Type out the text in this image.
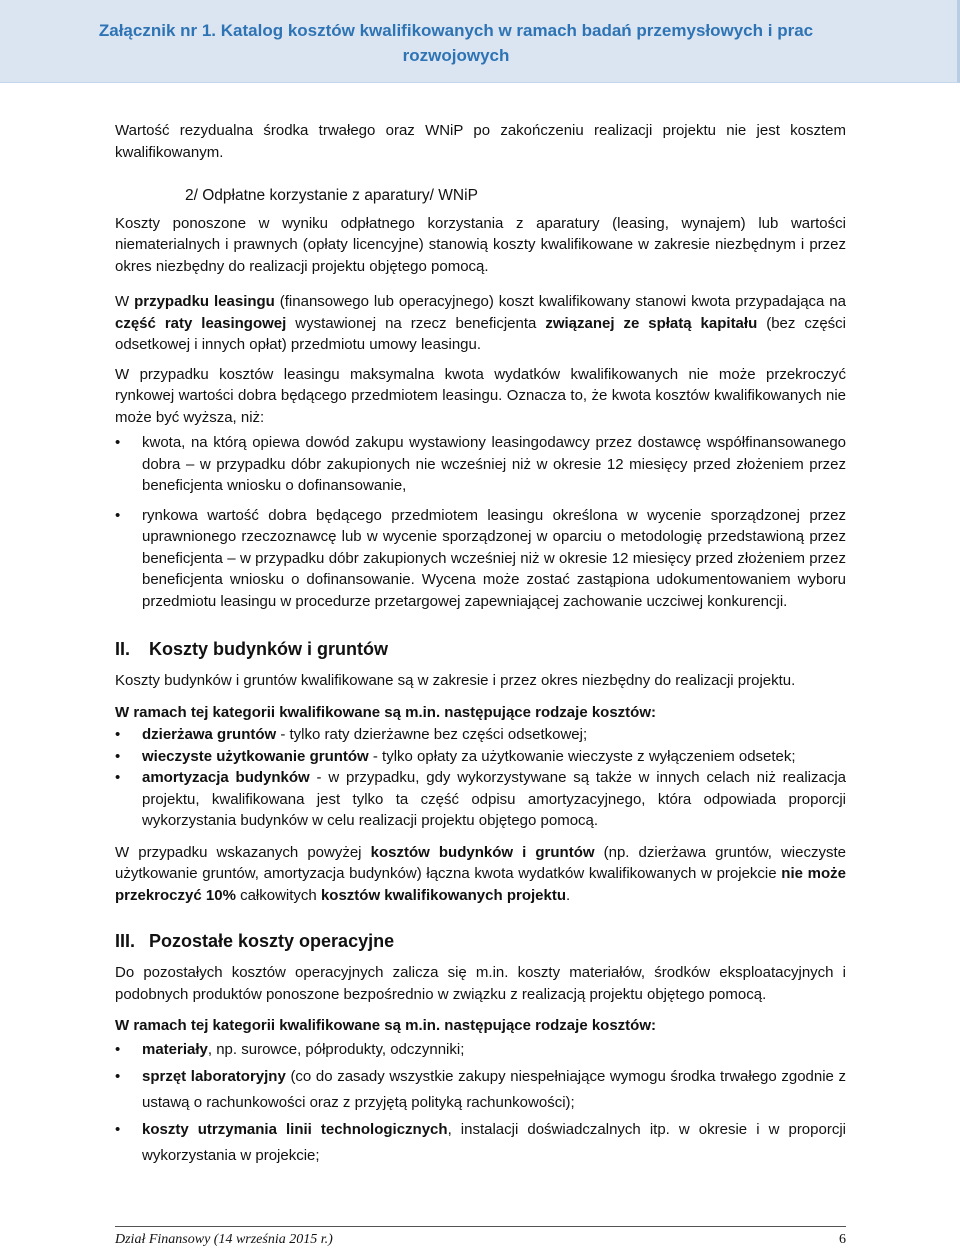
Załącznik nr 1. Katalog kosztów kwalifikowanych w ramach badań przemysłowych i prac rozwojowych

Wartość rezydualna środka trwałego oraz WNiP po zakończeniu realizacji projektu nie jest kosztem kwalifikowanym.

2/ Odpłatne korzystanie z aparatury/ WNiP

Koszty ponoszone w wyniku odpłatnego korzystania z aparatury (leasing, wynajem) lub wartości niematerialnych i prawnych (opłaty licencyjne) stanowią koszty kwalifikowane w zakresie niezbędnym i przez okres niezbędny do realizacji projektu objętego pomocą.

W przypadku leasingu (finansowego lub operacyjnego) koszt kwalifikowany stanowi kwota przypadająca na część raty leasingowej wystawionej na rzecz beneficjenta związanej ze spłatą kapitału (bez części odsetkowej i innych opłat) przedmiotu umowy leasingu.

W przypadku kosztów leasingu maksymalna kwota wydatków kwalifikowanych nie może przekroczyć rynkowej wartości dobra będącego przedmiotem leasingu. Oznacza to, że kwota kosztów kwalifikowanych nie może być wyższa, niż:

• kwota, na którą opiewa dowód zakupu wystawiony leasingodawcy przez dostawcę współfinansowanego dobra – w przypadku dóbr zakupionych nie wcześniej niż w okresie 12 miesięcy przed złożeniem przez beneficjenta wniosku o dofinansowanie,
• rynkowa wartość dobra będącego przedmiotem leasingu określona w wycenie sporządzonej przez uprawnionego rzeczoznawcę lub w wycenie sporządzonej w oparciu o metodologię przedstawioną przez beneficjenta – w przypadku dóbr zakupionych wcześniej niż w okresie 12 miesięcy przed złożeniem przez beneficjenta wniosku o dofinansowanie. Wycena może zostać zastąpiona udokumentowaniem wyboru przedmiotu leasingu w procedurze przetargowej zapewniającej zachowanie uczciwej konkurencji.
II. Koszty budynków i gruntów

Koszty budynków i gruntów kwalifikowane są w zakresie i przez okres niezbędny do realizacji projektu.

W ramach tej kategorii kwalifikowane są m.in. następujące rodzaje kosztów:

• dzierżawa gruntów - tylko raty dzierżawne bez części odsetkowej;
• wieczyste użytkowanie gruntów - tylko opłaty za użytkowanie wieczyste z wyłączeniem odsetek;
• amortyzacja budynków - w przypadku, gdy wykorzystywane są także w innych celach niż realizacja projektu, kwalifikowana jest tylko ta część odpisu amortyzacyjnego, która odpowiada proporcji wykorzystania budynków w celu realizacji projektu objętego pomocą.

W przypadku wskazanych powyżej kosztów budynków i gruntów (np. dzierżawa gruntów, wieczyste użytkowanie gruntów, amortyzacja budynków) łączna kwota wydatków kwalifikowanych w projekcie nie może przekroczyć 10% całkowitych kosztów kwalifikowanych projektu.

III. Pozostałe koszty operacyjne

Do pozostałych kosztów operacyjnych zalicza się m.in. koszty materiałów, środków eksploatacyjnych i podobnych produktów ponoszone bezpośrednio w związku z realizacją projektu objętego pomocą.

W ramach tej kategorii kwalifikowane są m.in. następujące rodzaje kosztów:

• materiały, np. surowce, półprodukty, odczynniki;
• sprzęt laboratoryjny (co do zasady wszystkie zakupy niespełniające wymogu środka trwałego zgodnie z ustawą o rachunkowości oraz z przyjętą polityką rachunkowości);
• koszty utrzymania linii technologicznych, instalacji doświadczalnych itp. w okresie i w proporcji wykorzystania w projekcie;
Dział Finansowy (14 września 2015 r.)	6
